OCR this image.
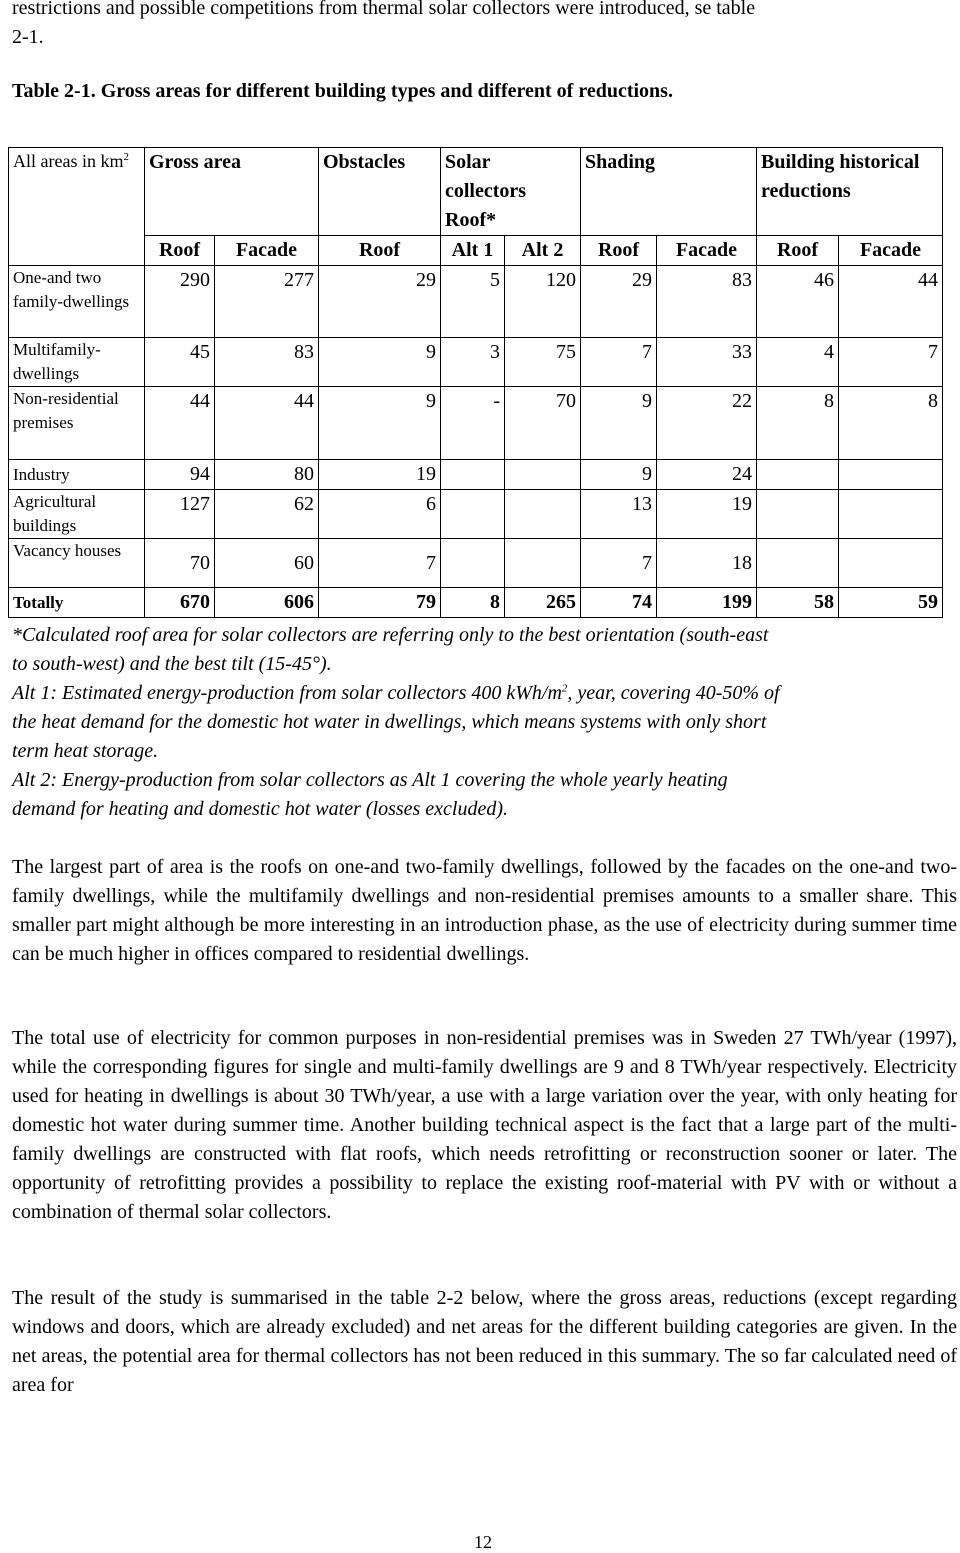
restrictions and possible competitions from thermal solar collectors were introduced, se table
2-1.
Table 2-1. Gross areas for different building types and different of reductions.
All areas in $km^2$	Gross area		Obstacles	Solar collectors Roof*		Shading		Building historical reductions	
	Roof	Facade	Roof	Alt 1	Alt 2	Roof	Facade	Roof	Facade
One-and two family-dwellings	290	277	29	5	120	29	83	46	44
Multifamily-dwellings	45	83	9	3	75	7	33	4	7
Non-residential premises	44	44	9	-	70	9	22	8	8
Industry	94	80	19			9	24		
Agricultural buildings	127	62	6			13	19		
Vacancy houses	70	60	7			7	18		
Totally	670	606	79	8	265	74	199	58	59
*Calculated roof area for solar collectors are referring only to the best orientation (south-east
to south-west) and the best tilt (15-45°).
Alt 1: Estimated energy-production from solar collectors 400 kWh/$m^2$, year, covering 40-50% of
the heat demand for the domestic hot water in dwellings, which means systems with only short
term heat storage.
Alt 2: Energy-production from solar collectors as Alt 1 covering the whole yearly heating
demand for heating and domestic hot water (losses excluded).
The largest part of area is the roofs on one-and two-family dwellings, followed by the facades on the one-and two-family dwellings, while the multifamily dwellings and non-residential premises amounts to a smaller share. This smaller part might although be more interesting in an introduction phase, as the use of electricity during summer time can be much higher in offices compared to residential dwellings.
The total use of electricity for common purposes in non-residential premises was in Sweden 27 TWh/year (1997), while the corresponding figures for single and multi-family dwellings are 9 and 8 TWh/year respectively. Electricity used for heating in dwellings is about 30 TWh/year, a use with a large variation over the year, with only heating for domestic hot water during summer time. Another building technical aspect is the fact that a large part of the multi-family dwellings are constructed with flat roofs, which needs retrofitting or reconstruction sooner or later. The opportunity of retrofitting provides a possibility to replace the existing roof-material with PV with or without a combination of thermal solar collectors.
The result of the study is summarised in the table 2-2 below, where the gross areas, reductions (except regarding windows and doors, which are already excluded) and net areas for the different building categories are given. In the net areas, the potential area for thermal collectors has not been reduced in this summary. The so far calculated need of area for
12
